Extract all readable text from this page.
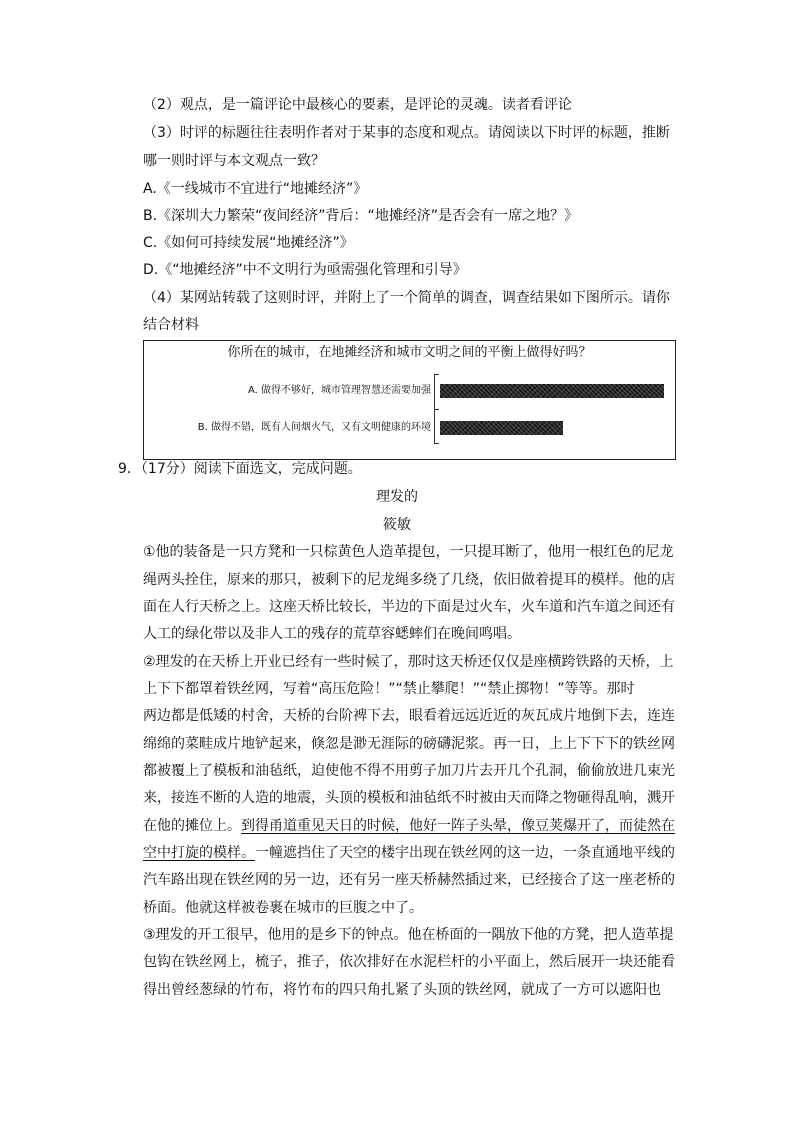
（2）观点，是一篇评论中最核心的要素，是评论的灵魂。读者看评论
（3）时评的标题往往表明作者对于某事的态度和观点。请阅读以下时评的标题，推断
哪一则时评与本文观点一致？
A.《一线城市不宜进行“地摊经济”》
B.《深圳大力繁荣“夜间经济”背后：“地摊经济”是否会有一席之地？》
C.《如何可持续发展“地摊经济”》
D.《“地摊经济”中不文明行为亟需强化管理和引导》
（4）某网站转载了这则时评，并附上了一个简单的调查，调查结果如下图所示。请你
结合材料
你所在的城市，在地摊经济和城市文明之间的平衡上做得好吗？
A. 做得不够好，城市管理智慧还需要加强
B. 做得不错，既有人间烟火气，又有文明健康的环境
9．（17分）阅读下面选文，完成问题。
理发的
筱敏
①他的装备是一只方凳和一只棕黄色人造革提包，一只提耳断了，他用一根红色的尼龙
绳两头拴住，原来的那只，被剩下的尼龙绳多绕了几绕，依旧做着提耳的模样。他的店
面在人行天桥之上。这座天桥比较长，半边的下面是过火车，火车道和汽车道之间还有
人工的绿化带以及非人工的残存的荒草容蟋蟀们在晚间鸣唱。
②理发的在天桥上开业已经有一些时候了，那时这天桥还仅仅是座横跨铁路的天桥，上
上下下都罩着铁丝网，写着“高压危险！”“禁止攀爬！”“禁止掷物！”等等。那时
两边都是低矮的村舍，天桥的台阶裨下去，眼看着远远近近的灰瓦成片地倒下去，连连
绵绵的菜畦成片地铲起来，倏忽是渺无涯际的磅礴泥浆。再一日，上上下下下的铁丝网
都被覆上了模板和油毡纸，迫使他不得不用剪子加刀片去开几个孔洞，偷偷放进几束光
来，接连不断的人造的地震，头顶的模板和油毡纸不时被由天而降之物砸得乱响，溅开
在他的摊位上。到得甬道重见天日的时候，他好一阵子头晕，像豆荚爆开了，而徒然在
空中打旋的模样。一幢遮挡住了天空的楼宇出现在铁丝网的这一边，一条直通地平线的
汽车路出现在铁丝网的另一边，还有另一座天桥赫然插过来，已经接合了这一座老桥的
桥面。他就这样被卷裹在城市的巨腹之中了。
③理发的开工很早，他用的是乡下的钟点。他在桥面的一隅放下他的方凳，把人造革提
包钩在铁丝网上，梳子，推子，依次排好在水泥栏杆的小平面上，然后展开一块还能看
得出曾经葱绿的竹布，将竹布的四只角扎紧了头顶的铁丝网，就成了一方可以遮阳也
